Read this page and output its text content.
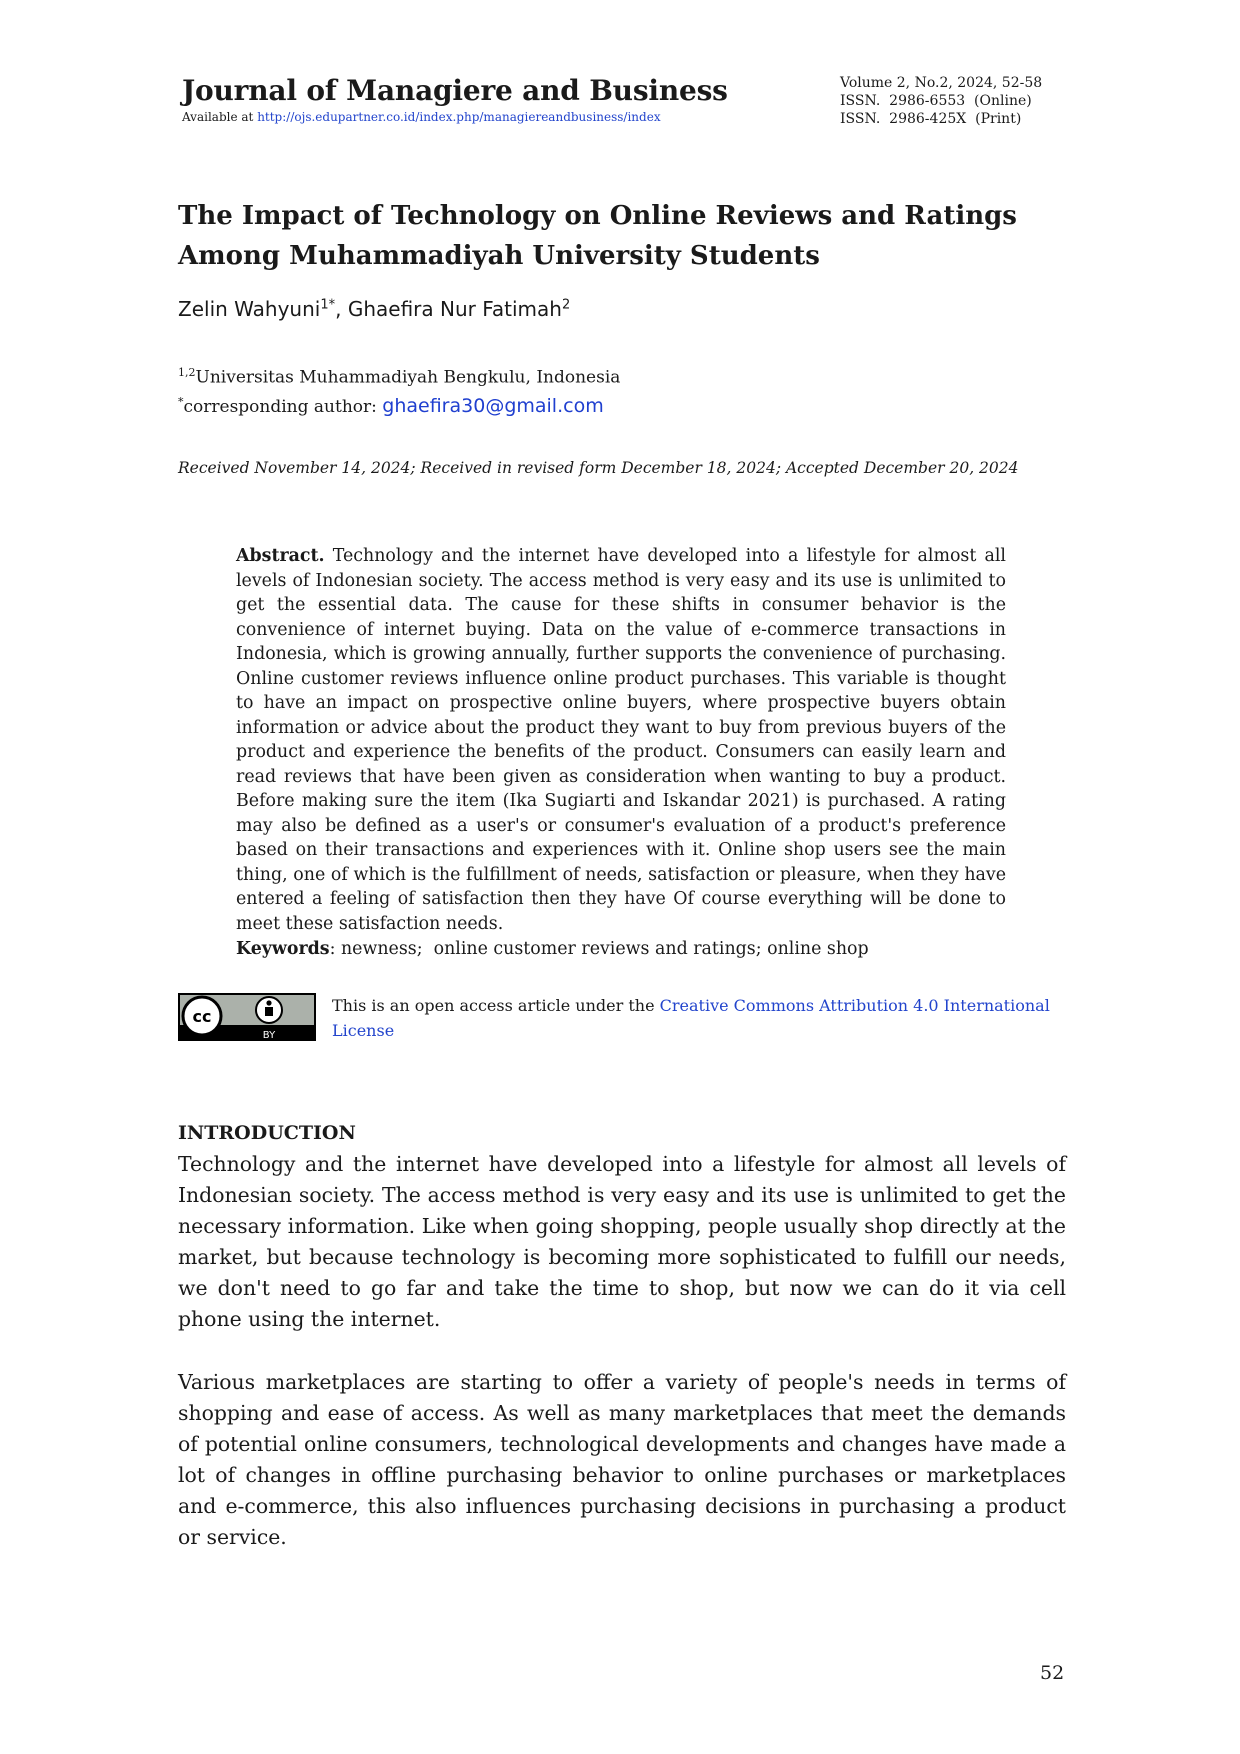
Journal of Managiere and Business
Available at http://ojs.edupartner.co.id/index.php/managiereandbusiness/index
Volume 2, No.2, 2024, 52-58
ISSN.  2986-6553  (Online)
ISSN.  2986-425X  (Print)
The Impact of Technology on Online Reviews and Ratings Among Muhammadiyah University Students
Zelin Wahyuni$^{1*}$, Ghaefira Nur Fatimah$^2$
$^{1,2}$Universitas Muhammadiyah Bengkulu, Indonesia
*corresponding author: ghaefira30@gmail.com
Received November 14, 2024; Received in revised form December 18, 2024; Accepted December 20, 2024
Abstract. Technology and the internet have developed into a lifestyle for almost all levels of Indonesian society. The access method is very easy and its use is unlimited to get the essential data. The cause for these shifts in consumer behavior is the convenience of internet buying. Data on the value of e-commerce transactions in Indonesia, which is growing annually, further supports the convenience of purchasing. Online customer reviews influence online product purchases. This variable is thought to have an impact on prospective online buyers, where prospective buyers obtain information or advice about the product they want to buy from previous buyers of the product and experience the benefits of the product. Consumers can easily learn and read reviews that have been given as consideration when wanting to buy a product. Before making sure the item (Ika Sugiarti and Iskandar 2021) is purchased. A rating may also be defined as a user's or consumer's evaluation of a product's preference based on their transactions and experiences with it. Online shop users see the main thing, one of which is the fulfillment of needs, satisfaction or pleasure, when they have entered a feeling of satisfaction then they have Of course everything will be done to meet these satisfaction needs.
Keywords: newness;  online customer reviews and ratings; online shop
cc
BY
This is an open access article under the Creative Commons Attribution 4.0 International License
INTRODUCTION
Technology and the internet have developed into a lifestyle for almost all levels of Indonesian society. The access method is very easy and its use is unlimited to get the necessary information. Like when going shopping, people usually shop directly at the market, but because technology is becoming more sophisticated to fulfill our needs, we don't need to go far and take the time to shop, but now we can do it via cell phone using the internet.
Various marketplaces are starting to offer a variety of people's needs in terms of shopping and ease of access. As well as many marketplaces that meet the demands of potential online consumers, technological developments and changes have made a lot of changes in offline purchasing behavior to online purchases or marketplaces and e-commerce, this also influences purchasing decisions in purchasing a product or service.
52
